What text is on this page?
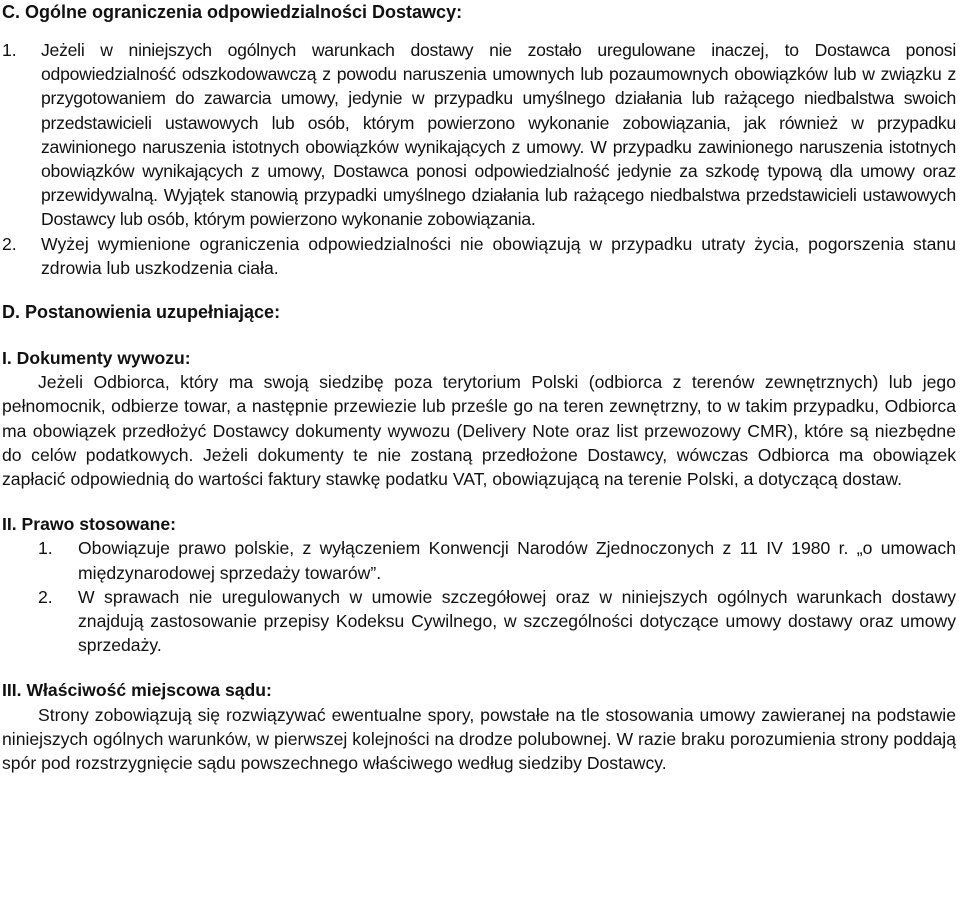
C. Ogólne ograniczenia odpowiedzialności Dostawcy:
1. Jeżeli w niniejszych ogólnych warunkach dostawy nie zostało uregulowane inaczej, to Dostawca ponosi odpowiedzialność odszkodowawczą z powodu naruszenia umownych lub pozaumownych obowiązków lub w związku z przygotowaniem do zawarcia umowy, jedynie w przypadku umyślnego działania lub rażącego niedbalstwa swoich przedstawicieli ustawowych lub osób, którym powierzono wykonanie zobowiązania, jak również w przypadku zawinionego naruszenia istotnych obowiązków wynikających z umowy. W przypadku zawinionego naruszenia istotnych obowiązków wynikających z umowy, Dostawca ponosi odpowiedzialność jedynie za szkodę typową dla umowy oraz przewidywalną. Wyjątek stanowią przypadki umyślnego działania lub rażącego niedbalstwa przedstawicieli ustawowych Dostawcy lub osób, którym powierzono wykonanie zobowiązania.

2. Wyżej wymienione ograniczenia odpowiedzialności nie obowiązują w przypadku utraty życia, pogorszenia stanu zdrowia lub uszkodzenia ciała.

D. Postanowienia uzupełniające:
I. Dokumenty wywozu:

Jeżeli Odbiorca, który ma swoją siedzibę poza terytorium Polski (odbiorca z terenów zewnętrznych) lub jego pełnomocnik, odbierze towar, a następnie przewiezie lub prześle go na teren zewnętrzny, to w takim przypadku, Odbiorca ma obowiązek przedłożyć Dostawcy dokumenty wywozu (Delivery Note oraz list przewozowy CMR), które są niezbędne do celów podatkowych. Jeżeli dokumenty te nie zostaną przedłożone Dostawcy, wówczas Odbiorca ma obowiązek zapłacić odpowiednią do wartości faktury stawkę podatku VAT, obowiązującą na terenie Polski, a dotyczącą dostaw.

II. Prawo stosowane:
1. Obowiązuje prawo polskie, z wyłączeniem Konwencji Narodów Zjednoczonych z 11 IV 1980 r. „o umowach międzynarodowej sprzedaży towarów”.

2. W sprawach nie uregulowanych w umowie szczegółowej oraz w niniejszych ogólnych warunkach dostawy znajdują zastosowanie przepisy Kodeksu Cywilnego, w szczególności dotyczące umowy dostawy oraz umowy sprzedaży.

III. Właściwość miejscowa sądu:

Strony zobowiązują się rozwiązywać ewentualne spory, powstałe na tle stosowania umowy zawieranej na podstawie niniejszych ogólnych warunków, w pierwszej kolejności na drodze polubownej. W razie braku porozumienia strony poddają spór pod rozstrzygnięcie sądu powszechnego właściwego według siedziby Dostawcy.
